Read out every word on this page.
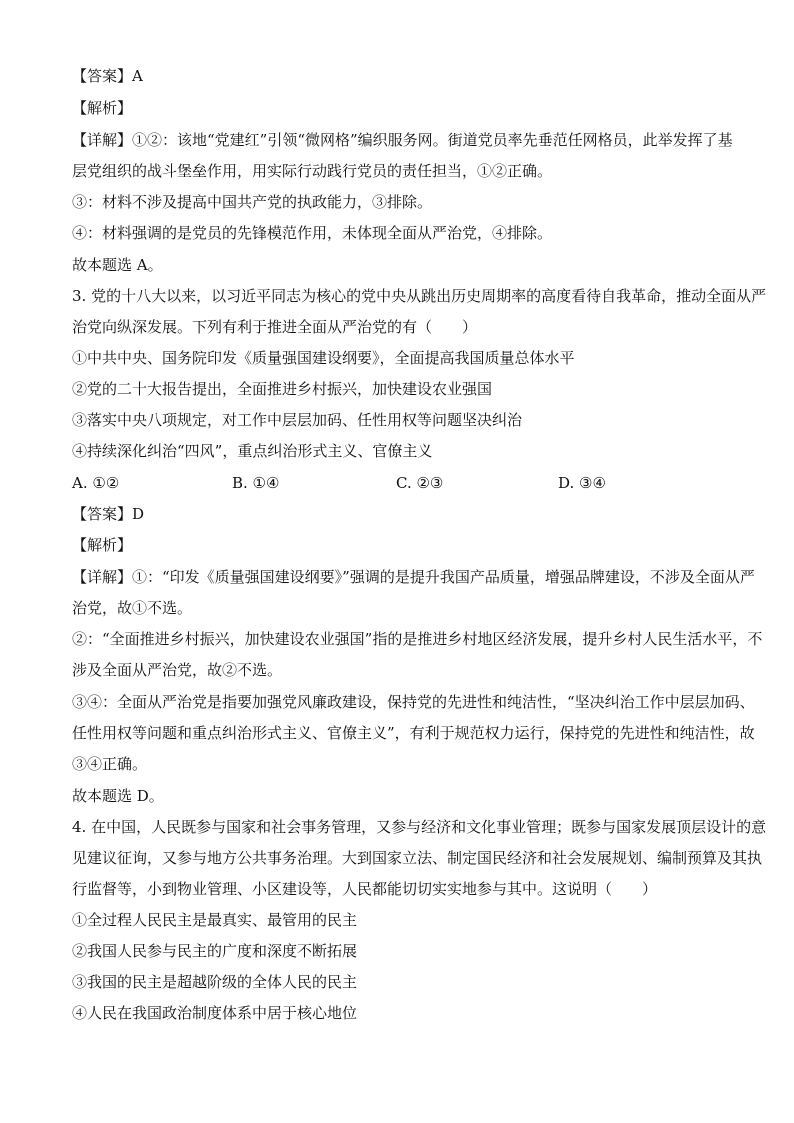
【答案】A
【解析】
【详解】①②：该地“党建红”引领“微网格”编织服务网。街道党员率先垂范任网格员，此举发挥了基
层党组织的战斗堡垒作用，用实际行动践行党员的责任担当，①②正确。
③：材料不涉及提高中国共产党的执政能力，③排除。
④：材料强调的是党员的先锋模范作用，未体现全面从严治党，④排除。
故本题选 A。
3. 党的十八大以来，以习近平同志为核心的党中央从跳出历史周期率的高度看待自我革命，推动全面从严
治党向纵深发展。下列有利于推进全面从严治党的有（　　）
①中共中央、国务院印发《质量强国建设纲要》，全面提高我国质量总体水平
②党的二十大报告提出，全面推进乡村振兴，加快建设农业强国
③落实中央八项规定，对工作中层层加码、任性用权等问题坚决纠治
④持续深化纠治“四风”，重点纠治形式主义、官僚主义
A. ①②	B. ①④	C. ②③	D. ③④
【答案】D
【解析】
【详解】①：“印发《质量强国建设纲要》”强调的是提升我国产品质量，增强品牌建设，不涉及全面从严
治党，故①不选。
②：“全面推进乡村振兴，加快建设农业强国”指的是推进乡村地区经济发展，提升乡村人民生活水平，不
涉及全面从严治党，故②不选。
③④：全面从严治党是指要加强党风廉政建设，保持党的先进性和纯洁性，“坚决纠治工作中层层加码、
任性用权等问题和重点纠治形式主义、官僚主义”，有利于规范权力运行，保持党的先进性和纯洁性，故
③④正确。
故本题选 D。
4. 在中国，人民既参与国家和社会事务管理，又参与经济和文化事业管理；既参与国家发展顶层设计的意
见建议征询，又参与地方公共事务治理。大到国家立法、制定国民经济和社会发展规划、编制预算及其执
行监督等，小到物业管理、小区建设等，人民都能切切实实地参与其中。这说明（　　）
①全过程人民民主是最真实、最管用的民主
②我国人民参与民主的广度和深度不断拓展
③我国的民主是超越阶级的全体人民的民主
④人民在我国政治制度体系中居于核心地位
